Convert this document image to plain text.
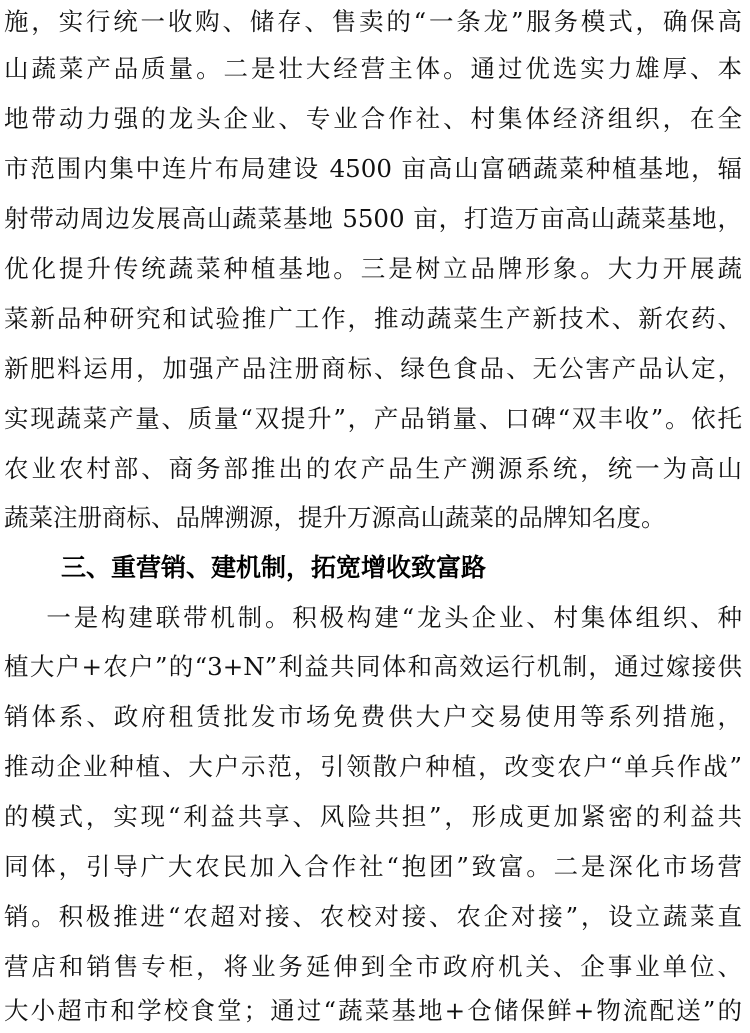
施，实行统一收购、储存、售卖的“一条龙”服务模式，确保高
山蔬菜产品质量。二是壮大经营主体。通过优选实力雄厚、本
地带动力强的龙头企业、专业合作社、村集体经济组织，在全
市范围内集中连片布局建设 4500 亩高山富硒蔬菜种植基地，辐
射带动周边发展高山蔬菜基地 5500 亩，打造万亩高山蔬菜基地，
优化提升传统蔬菜种植基地。三是树立品牌形象。大力开展蔬
菜新品种研究和试验推广工作，推动蔬菜生产新技术、新农药、
新肥料运用，加强产品注册商标、绿色食品、无公害产品认定，
实现蔬菜产量、质量“双提升”，产品销量、口碑“双丰收”。依托
农业农村部、商务部推出的农产品生产溯源系统，统一为高山
蔬菜注册商标、品牌溯源，提升万源高山蔬菜的品牌知名度。
三、重营销、建机制，拓宽增收致富路
一是构建联带机制。积极构建“龙头企业、村集体组织、种
植大户+农户”的“3+N”利益共同体和高效运行机制，通过嫁接供
销体系、政府租赁批发市场免费供大户交易使用等系列措施，
推动企业种植、大户示范，引领散户种植，改变农户“单兵作战”
的模式，实现“利益共享、风险共担”，形成更加紧密的利益共
同体，引导广大农民加入合作社“抱团”致富。二是深化市场营
销。积极推进“农超对接、农校对接、农企对接”，设立蔬菜直
营店和销售专柜，将业务延伸到全市政府机关、企事业单位、
大小超市和学校食堂；通过“蔬菜基地+仓储保鲜+物流配送”的
